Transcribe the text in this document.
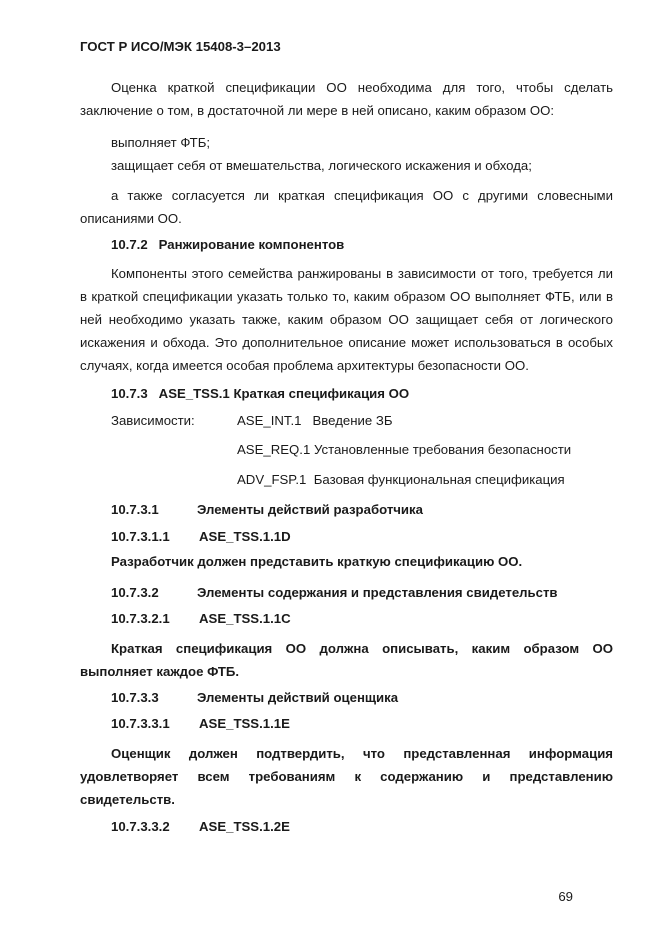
ГОСТ Р ИСО/МЭК 15408-3–2013
Оценка краткой спецификации ОО необходима для того, чтобы сделать заключение о том, в достаточной ли мере в ней описано, каким образом ОО:
выполняет ФТБ;
защищает себя от вмешательства, логического искажения и обхода;
а также согласуется ли краткая спецификация ОО с другими словесными описаниями ОО.
10.7.2 Ранжирование компонентов
Компоненты этого семейства ранжированы в зависимости от того, требуется ли в краткой спецификации указать только то, каким образом ОО выполняет ФТБ, или в ней необходимо указать также, каким образом ОО защищает себя от логического искажения и обхода. Это дополнительное описание может использоваться в особых случаях, когда имеется особая проблема архитектуры безопасности ОО.
10.7.3 ASE_TSS.1 Краткая спецификация ОО
Зависимости:	ASE_INT.1 Введение ЗБ
ASE_REQ.1 Установленные требования безопасности
ADV_FSP.1 Базовая функциональная спецификация
10.7.3.1	Элементы действий разработчика
10.7.3.1.1 ASE_TSS.1.1D
Разработчик должен представить краткую спецификацию ОО.
10.7.3.2	Элементы содержания и представления свидетельств
10.7.3.2.1 ASE_TSS.1.1C
Краткая спецификация ОО должна описывать, каким образом ОО выполняет каждое ФТБ.
10.7.3.3	Элементы действий оценщика
10.7.3.3.1 ASE_TSS.1.1E
Оценщик должен подтвердить, что представленная информация удовлетворяет всем требованиям к содержанию и представлению свидетельств.
10.7.3.3.2 ASE_TSS.1.2E
69
